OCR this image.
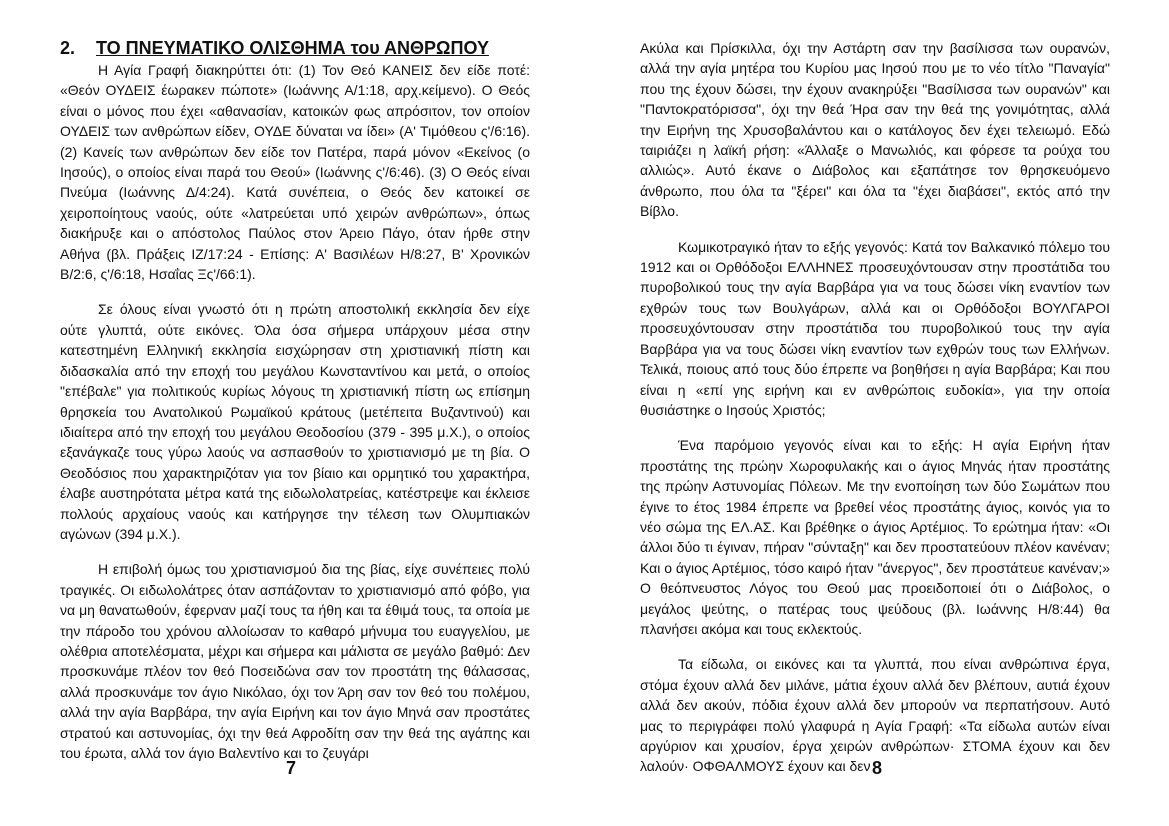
2. ΤΟ ΠΝΕΥΜΑΤΙΚΟ ΟΛΙΣΘΗΜΑ του ΑΝΘΡΩΠΟΥ

Η Αγία Γραφή διακηρύττει ότι: (1) Τον Θεό ΚΑΝΕΙΣ δεν είδε ποτέ: «Θεόν ΟΥΔΕΙΣ έωρακεν πώποτε» (Ιωάννης Α/1:18, αρχ.κείμενο). Ο Θεός είναι ο μόνος που έχει «αθανασίαν, κατοικών φως απρόσιτον, τον οποίον ΟΥΔΕΙΣ των ανθρώπων είδεν, ΟΥΔΕ δύναται να ίδει» (Α' Τιμόθεου ς'/6:16). (2) Κανείς των ανθρώπων δεν είδε τον Πατέρα, παρά μόνον «Εκείνος (ο Ιησούς), ο οποίος είναι παρά του Θεού» (Ιωάννης ς'/6:46). (3) Ο Θεός είναι Πνεύμα (Ιωάννης Δ/4:24). Κατά συνέπεια, ο Θεός δεν κατοικεί σε χειροποίητους ναούς, ούτε «λατρεύεται υπό χειρών ανθρώπων», όπως διακήρυξε και ο απόστολος Παύλος στον Άρειο Πάγο, όταν ήρθε στην Αθήνα (βλ. Πράξεις ΙΖ/17:24 - Επίσης: Α' Βασιλέων Η/8:27, Β' Χρονικών Β/2:6, ς'/6:18, Ησαΐας Ξς'/66:1).

Σε όλους είναι γνωστό ότι η πρώτη αποστολική εκκλησία δεν είχε ούτε γλυπτά, ούτε εικόνες. Όλα όσα σήμερα υπάρχουν μέσα στην κατεστημένη Ελληνική εκκλησία εισχώρησαν στη χριστιανική πίστη και διδασκαλία από την εποχή του μεγάλου Κωνσταντίνου και μετά, ο οποίος "επέβαλε" για πολιτικούς κυρίως λόγους τη χριστιανική πίστη ως επίσημη θρησκεία του Ανατολικού Ρωμαϊκού κράτους (μετέπειτα Βυζαντινού) και ιδιαίτερα από την εποχή του μεγάλου Θεοδοσίου (379 - 395 μ.Χ.), ο οποίος εξανάγκαζε τους γύρω λαούς να ασπασθούν το χριστιανισμό με τη βία. Ο Θεοδόσιος που χαρακτηριζόταν για τον βίαιο και ορμητικό του χαρακτήρα, έλαβε αυστηρότατα μέτρα κατά της ειδωλολατρείας, κατέστρεψε και έκλεισε πολλούς αρχαίους ναούς και κατήργησε την τέλεση των Ολυμπιακών αγώνων (394 μ.Χ.).

Η επιβολή όμως του χριστιανισμού δια της βίας, είχε συνέπειες πολύ τραγικές. Οι ειδωλολάτρες όταν ασπάζονταν το χριστιανισμό από φόβο, για να μη θανατωθούν, έφερναν μαζί τους τα ήθη και τα έθιμά τους, τα οποία με την πάροδο του χρόνου αλλοίωσαν το καθαρό μήνυμα του ευαγγελίου, με ολέθρια αποτελέσματα, μέχρι και σήμερα και μάλιστα σε μεγάλο βαθμό: Δεν προσκυνάμε πλέον τον θεό Ποσειδώνα σαν τον προστάτη της θάλασσας, αλλά προσκυνάμε τον άγιο Νικόλαο, όχι τον Άρη σαν τον θεό του πολέμου, αλλά την αγία Βαρβάρα, την αγία Ειρήνη και τον άγιο Μηνά σαν προστάτες στρατού και αστυνομίας, όχι την θεά Αφροδίτη σαν την θεά της αγάπης και του έρωτα, αλλά τον άγιο Βαλεντίνο και το ζευγάρι

7

Ακύλα και Πρίσκιλλα, όχι την Αστάρτη σαν την βασίλισσα των ουρανών, αλλά την αγία μητέρα του Κυρίου μας Ιησού που με το νέο τίτλο "Παναγία" που της έχουν δώσει, την έχουν ανακηρύξει "Βασίλισσα των ουρανών" και "Παντοκρατόρισσα", όχι την θεά Ήρα σαν την θεά της γονιμότητας, αλλά την Ειρήνη της Χρυσοβαλάντου και ο κατάλογος δεν έχει τελειωμό. Εδώ ταιριάζει η λαϊκή ρήση: «Άλλαξε ο Μανωλιός, και φόρεσε τα ρούχα του αλλιώς». Αυτό έκανε ο Διάβολος και εξαπάτησε τον θρησκευόμενο άνθρωπο, που όλα τα "ξέρει" και όλα τα "έχει διαβάσει", εκτός από την Βίβλο.

Κωμικοτραγικό ήταν το εξής γεγονός: Κατά τον Βαλκανικό πόλεμο του 1912 και οι Ορθόδοξοι ΕΛΛΗΝΕΣ προσευχόντουσαν στην προστάτιδα του πυροβολικού τους την αγία Βαρβάρα για να τους δώσει νίκη εναντίον των εχθρών τους των Βουλγάρων, αλλά και οι Ορθόδοξοι ΒΟΥΛΓΑΡΟΙ προσευχόντουσαν στην προστάτιδα του πυροβολικού τους την αγία Βαρβάρα για να τους δώσει νίκη εναντίον των εχθρών τους των Ελλήνων. Τελικά, ποιους από τους δύο έπρεπε να βοηθήσει η αγία Βαρβάρα; Και που είναι η «επί γης ειρήνη και εν ανθρώποις ευδοκία», για την οποία θυσιάστηκε ο Ιησούς Χριστός;

Ένα παρόμοιο γεγονός είναι και το εξής: Η αγία Ειρήνη ήταν προστάτης της πρώην Χωροφυλακής και ο άγιος Μηνάς ήταν προστάτης της πρώην Αστυνομίας Πόλεων. Με την ενοποίηση των δύο Σωμάτων που έγινε το έτος 1984 έπρεπε να βρεθεί νέος προστάτης άγιος, κοινός για το νέο σώμα της ΕΛ.ΑΣ. Και βρέθηκε ο άγιος Αρτέμιος. Το ερώτημα ήταν: «Οι άλλοι δύο τι έγιναν, πήραν "σύνταξη" και δεν προστατεύουν πλέον κανέναν; Και ο άγιος Αρτέμιος, τόσο καιρό ήταν "άνεργος", δεν προστάτευε κανέναν;» Ο θεόπνευστος Λόγος του Θεού μας προειδοποιεί ότι ο Διάβολος, ο μεγάλος ψεύτης, ο πατέρας τους ψεύδους (βλ. Ιωάννης Η/8:44) θα πλανήσει ακόμα και τους εκλεκτούς.

Τα είδωλα, οι εικόνες και τα γλυπτά, που είναι ανθρώπινα έργα, στόμα έχουν αλλά δεν μιλάνε, μάτια έχουν αλλά δεν βλέπουν, αυτιά έχουν αλλά δεν ακούν, πόδια έχουν αλλά δεν μπορούν να περπατήσουν. Αυτό μας το περιγράφει πολύ γλαφυρά η Αγία Γραφή: «Τα είδωλα αυτών είναι αργύριον και χρυσίον, έργα χειρών ανθρώπων· ΣΤΟΜΑ έχουν και δεν λαλούν· ΟΦΘΑΛΜΟΥΣ έχουν και δεν 8
